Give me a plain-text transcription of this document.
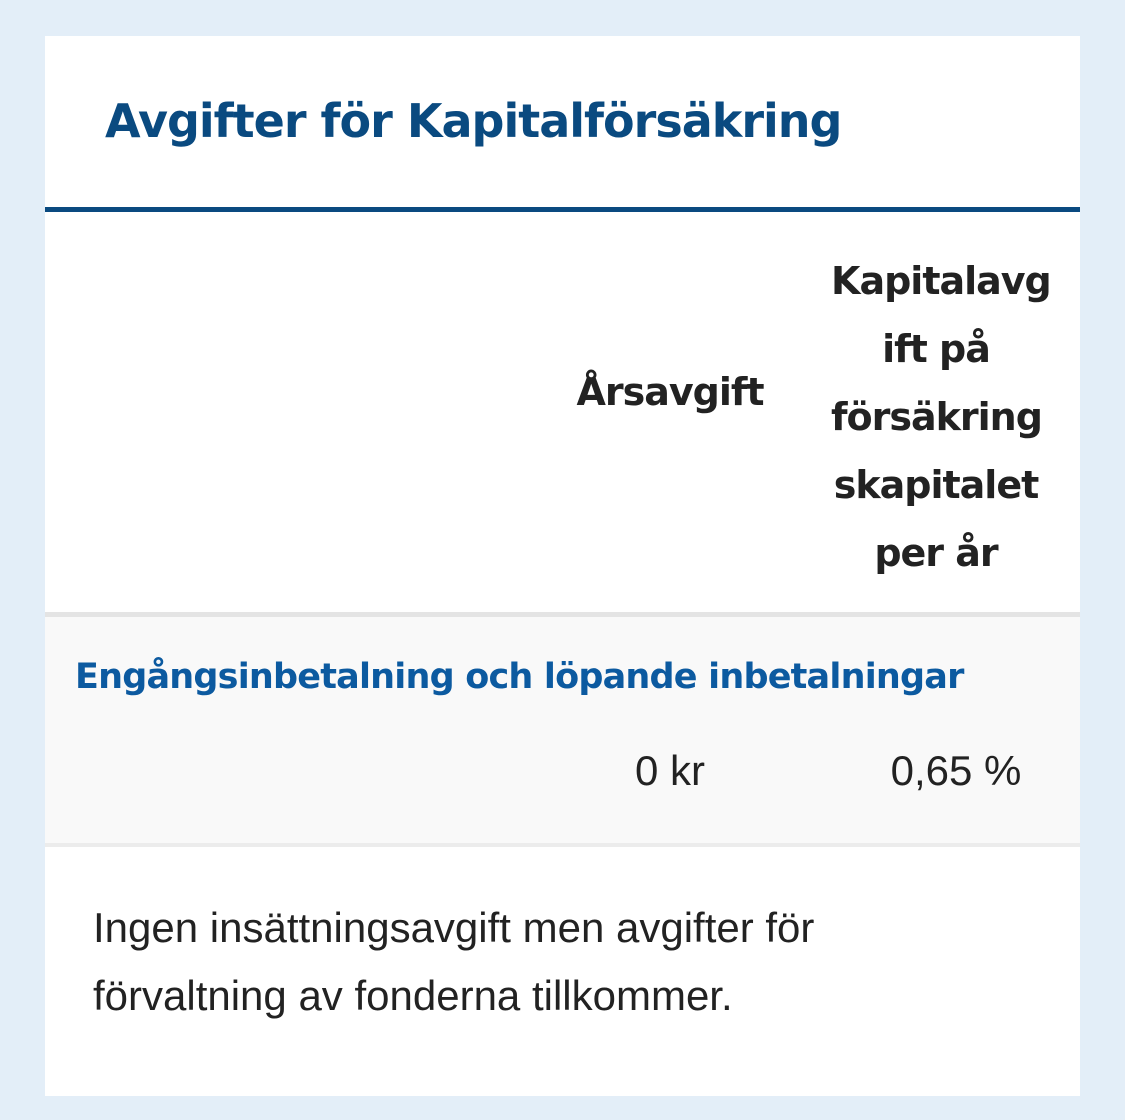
Avgifter för Kapitalförsäkring
Årsavgift
Kapitalavg
ift på
försäkring
skapitalet
per år
Engångsinbetalning och löpande inbetalningar
0 kr	0,65 %

Ingen insättningsavgift men avgifter för förvaltning av fonderna tillkommer.
